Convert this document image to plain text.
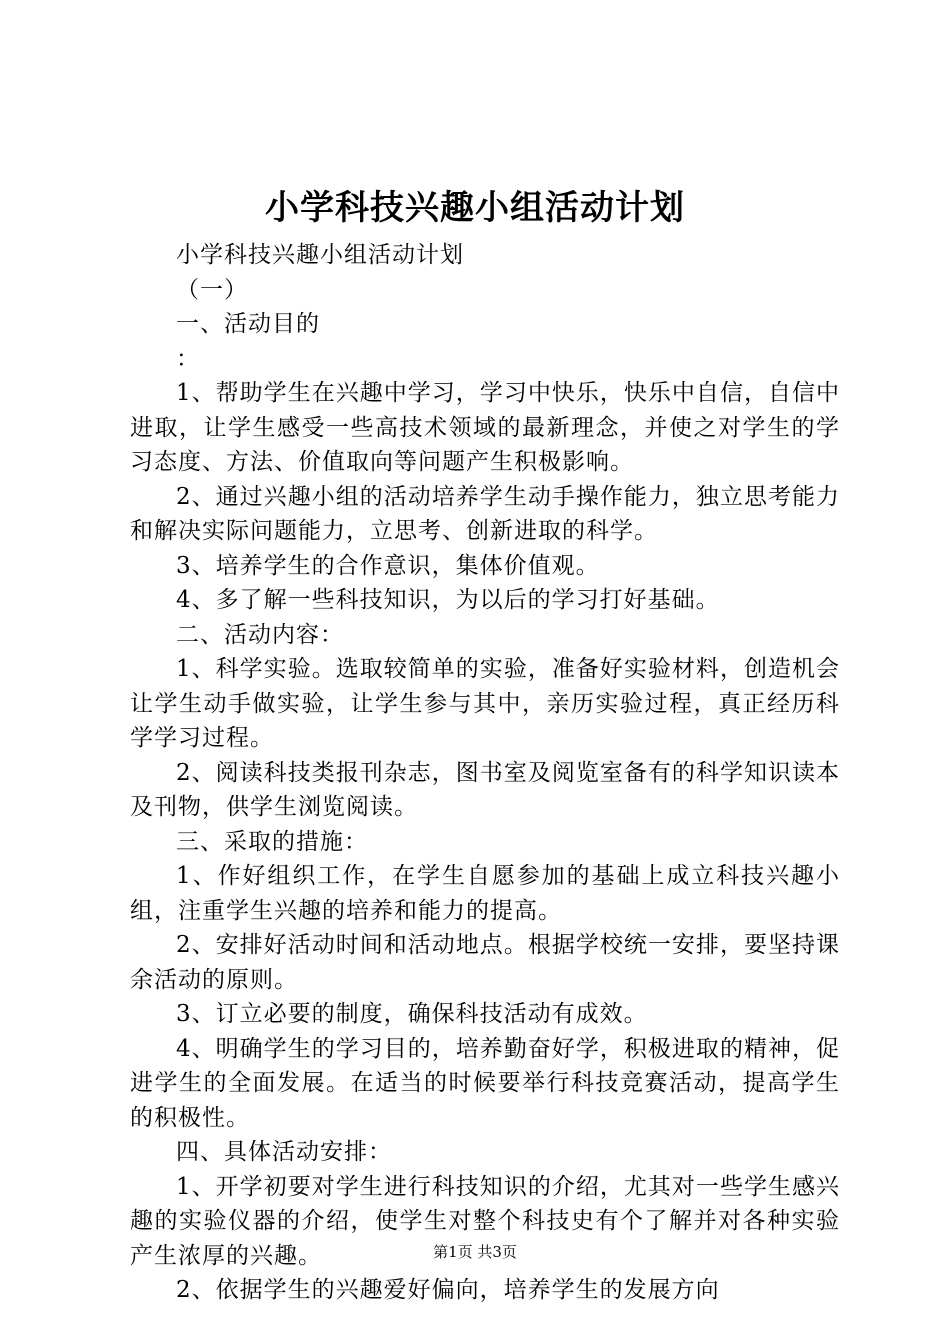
小学科技兴趣小组活动计划

小学科技兴趣小组活动计划

（一）

一、活动目的

：

1、帮助学生在兴趣中学习，学习中快乐，快乐中自信，自信中进取，让学生感受一些高技术领域的最新理念，并使之对学生的学习态度、方法、价值取向等问题产生积极影响。

2、通过兴趣小组的活动培养学生动手操作能力，独立思考能力和解决实际问题能力，立思考、创新进取的科学。

3、培养学生的合作意识，集体价值观。

4、多了解一些科技知识，为以后的学习打好基础。

二、活动内容：

1、科学实验。选取较简单的实验，准备好实验材料，创造机会让学生动手做实验，让学生参与其中，亲历实验过程，真正经历科学学习过程。

2、阅读科技类报刊杂志，图书室及阅览室备有的科学知识读本及刊物，供学生浏览阅读。

三、采取的措施：

1、作好组织工作，在学生自愿参加的基础上成立科技兴趣小组，注重学生兴趣的培养和能力的提高。

2、安排好活动时间和活动地点。根据学校统一安排，要坚持课余活动的原则。

3、订立必要的制度，确保科技活动有成效。

4、明确学生的学习目的，培养勤奋好学，积极进取的精神，促进学生的全面发展。在适当的时候要举行科技竞赛活动，提高学生的积极性。

四、具体活动安排：

1、开学初要对学生进行科技知识的介绍，尤其对一些学生感兴趣的实验仪器的介绍，使学生对整个科技史有个了解并对各种实验产生浓厚的兴趣。

2、依据学生的兴趣爱好偏向，培养学生的发展方向

第1页 共3页
